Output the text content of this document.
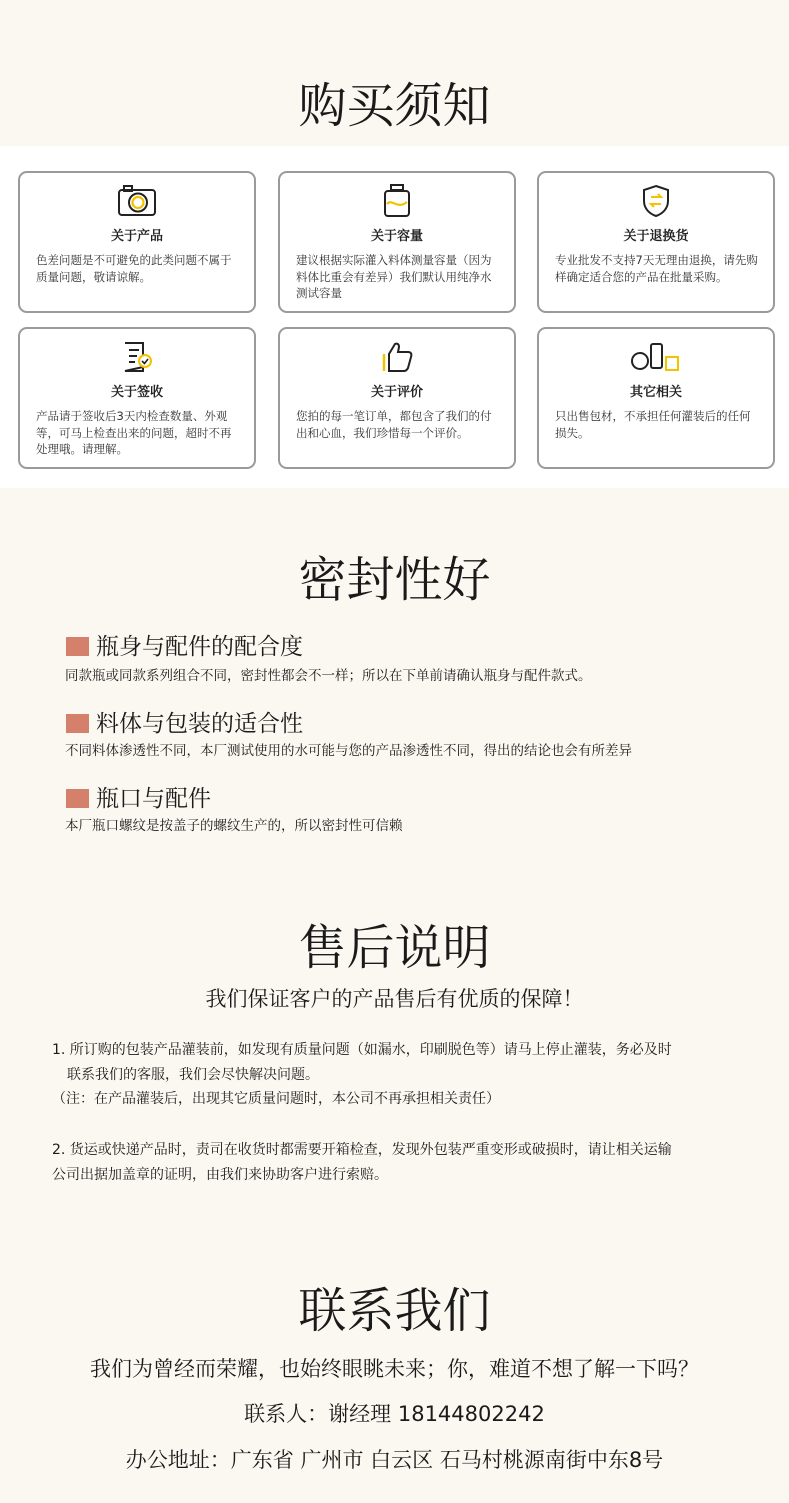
购买须知
关于产品
色差问题是不可避免的此类问题不属于质量问题，敬请谅解。
关于容量
建议根据实际灌入料体测量容量（因为料体比重会有差异）我们默认用纯净水测试容量
关于退换货
专业批发不支持7天无理由退换，请先购样确定适合您的产品在批量采购。
关于签收
产品请于签收后3天内检查数量、外观等，可马上检查出来的问题，超时不再处理哦。请理解。
关于评价
您拍的每一笔订单，都包含了我们的付出和心血，我们珍惜每一个评价。
其它相关
只出售包材，不承担任何灌装后的任何损失。
密封性好
瓶身与配件的配合度
同款瓶或同款系列组合不同，密封性都会不一样；所以在下单前请确认瓶身与配件款式。
料体与包装的适合性
不同料体渗透性不同，本厂测试使用的水可能与您的产品渗透性不同，得出的结论也会有所差异
瓶口与配件
本厂瓶口螺纹是按盖子的螺纹生产的，所以密封性可信赖
售后说明
我们保证客户的产品售后有优质的保障！
1. 所订购的包装产品灌装前，如发现有质量问题（如漏水，印刷脱色等）请马上停止灌装，务必及时
联系我们的客服，我们会尽快解决问题。
（注：在产品灌装后，出现其它质量问题时，本公司不再承担相关责任）
2. 货运或快递产品时，责司在收货时都需要开箱检查，发现外包装严重变形或破损时，请让相关运输
公司出据加盖章的证明，由我们来协助客户进行索赔。
联系我们
我们为曾经而荣耀，也始终眼眺未来；你，难道不想了解一下吗？
联系人：谢经理 18144802242
办公地址：广东省 广州市 白云区 石马村桃源南街中东8号
